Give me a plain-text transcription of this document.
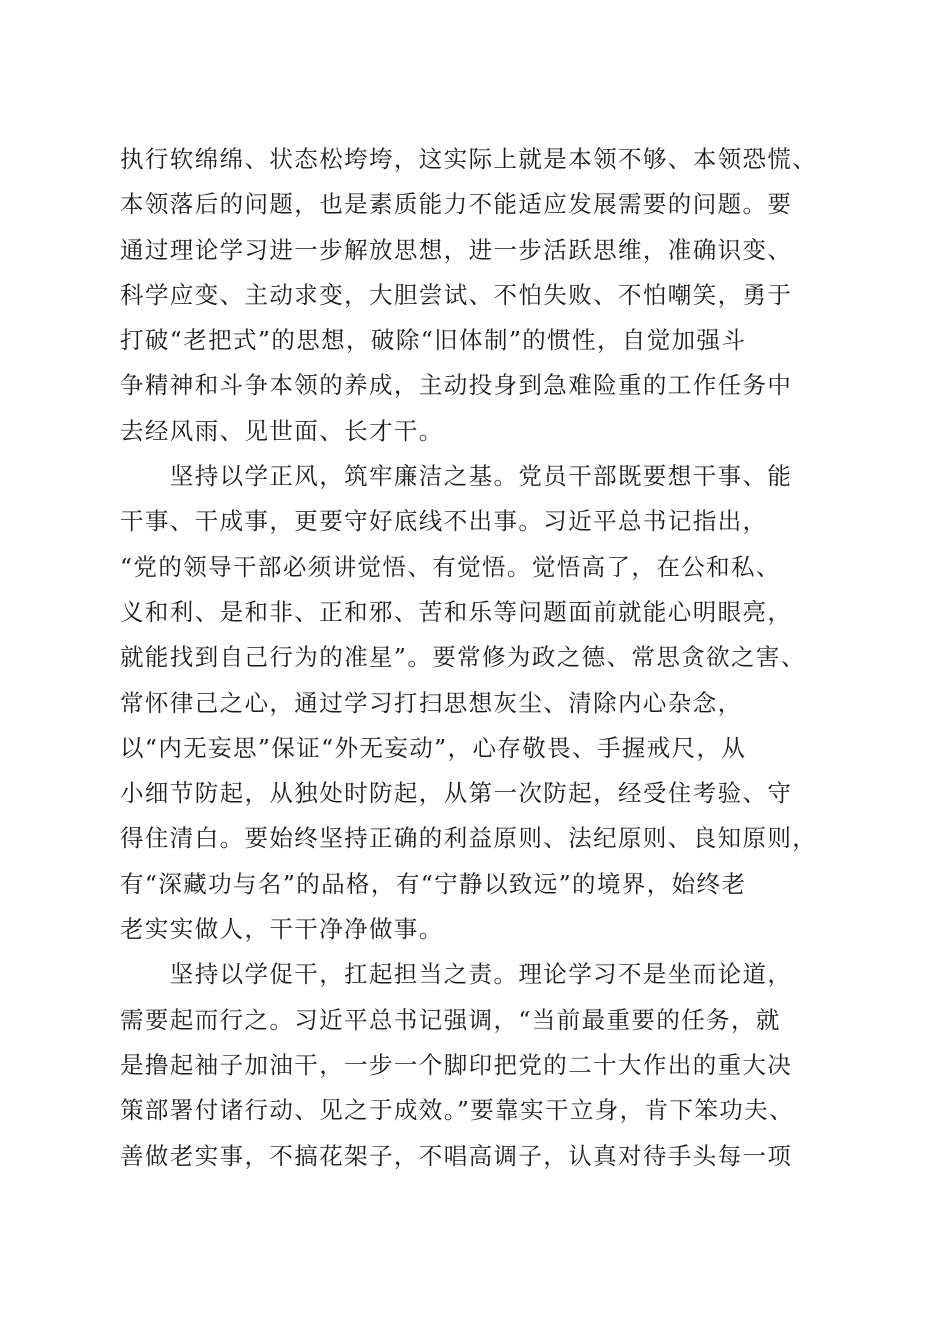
执行软绵绵、状态松垮垮，这实际上就是本领不够、本领恐慌、
本领落后的问题，也是素质能力不能适应发展需要的问题。要
通过理论学习进一步解放思想，进一步活跃思维，准确识变、
科学应变、主动求变，大胆尝试、不怕失败、不怕嘲笑，勇于
打破“老把式”的思想，破除“旧体制”的惯性，自觉加强斗
争精神和斗争本领的养成，主动投身到急难险重的工作任务中
去经风雨、见世面、长才干。
　　坚持以学正风，筑牢廉洁之基。党员干部既要想干事、能
干事、干成事，更要守好底线不出事。习近平总书记指出，
“党的领导干部必须讲觉悟、有觉悟。觉悟高了，在公和私、
义和利、是和非、正和邪、苦和乐等问题面前就能心明眼亮，
就能找到自己行为的准星”。要常修为政之德、常思贪欲之害、
常怀律己之心，通过学习打扫思想灰尘、清除内心杂念，
以“内无妄思”保证“外无妄动”，心存敬畏、手握戒尺，从
小细节防起，从独处时防起，从第一次防起，经受住考验、守
得住清白。要始终坚持正确的利益原则、法纪原则、良知原则，
有“深藏功与名”的品格，有“宁静以致远”的境界，始终老
老实实做人，干干净净做事。
　　坚持以学促干，扛起担当之责。理论学习不是坐而论道，
需要起而行之。习近平总书记强调，“当前最重要的任务，就
是撸起袖子加油干，一步一个脚印把党的二十大作出的重大决
策部署付诸行动、见之于成效。”要靠实干立身，肯下笨功夫、
善做老实事，不搞花架子，不唱高调子，认真对待手头每一项
